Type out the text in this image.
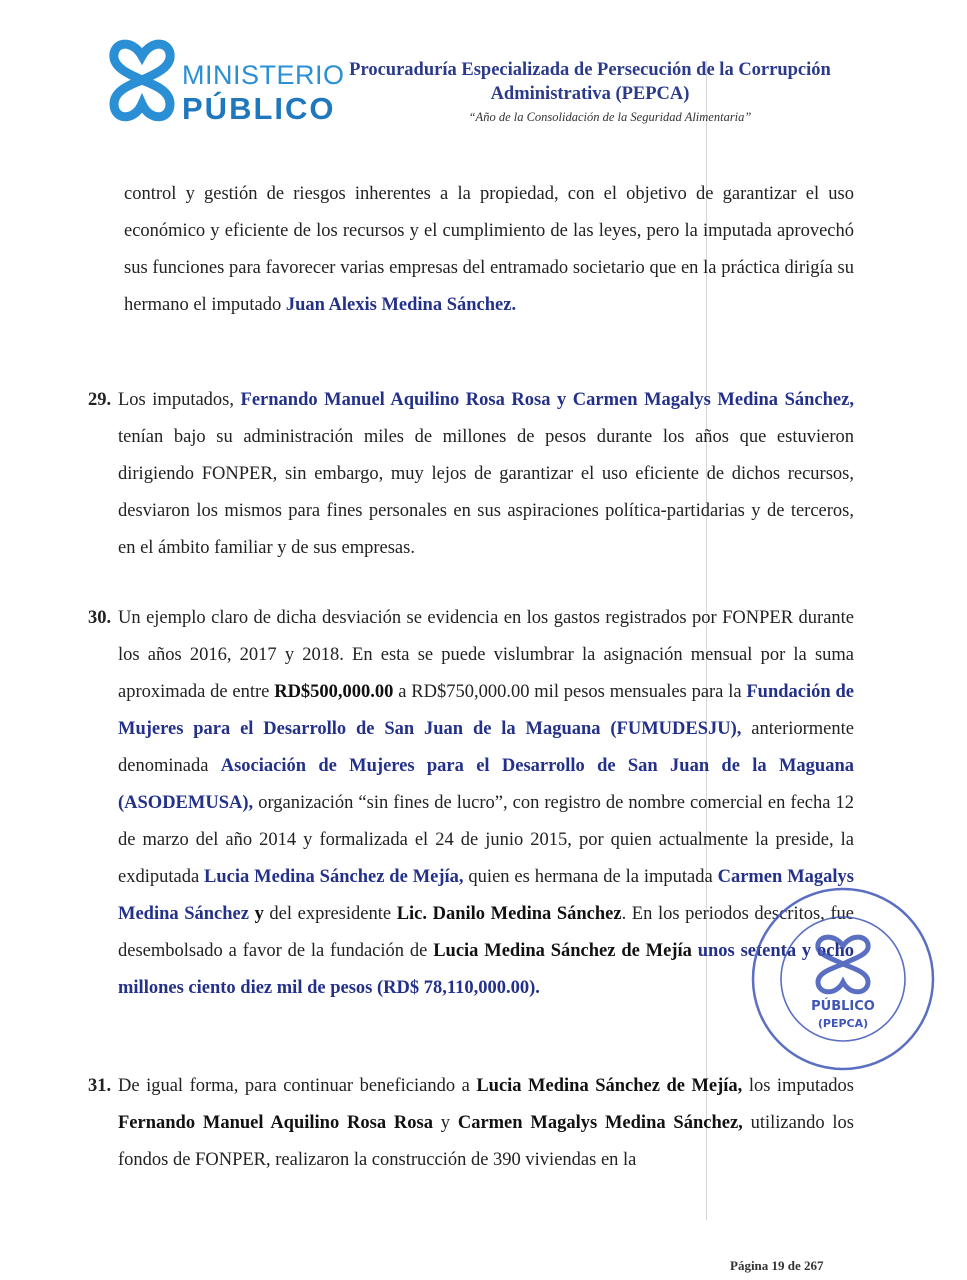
MINISTERIO
PÚBLICO
Procuraduría Especializada de Persecución de la Corrupción
Administrativa (PEPCA)
“Año de la Consolidación de la Seguridad Alimentaria”
control y gestión de riesgos inherentes a la propiedad, con el objetivo de garantizar el uso económico y eficiente de los recursos y el cumplimiento de las leyes, pero la imputada aprovechó sus funciones para favorecer varias empresas del entramado societario que en la práctica dirigía su hermano el imputado Juan Alexis Medina Sánchez.
29. Los imputados, Fernando Manuel Aquilino Rosa Rosa y Carmen Magalys Medina Sánchez, tenían bajo su administración miles de millones de pesos durante los años que estuvieron dirigiendo FONPER, sin embargo, muy lejos de garantizar el uso eficiente de dichos recursos, desviaron los mismos para fines personales en sus aspiraciones política-partidarias y de terceros, en el ámbito familiar y de sus empresas.
30. Un ejemplo claro de dicha desviación se evidencia en los gastos registrados por FONPER durante los años 2016, 2017 y 2018. En esta se puede vislumbrar la asignación mensual por la suma aproximada de entre RD$500,000.00 a RD$750,000.00 mil pesos mensuales para la Fundación de Mujeres para el Desarrollo de San Juan de la Maguana (FUMUDESJU), anteriormente denominada Asociación de Mujeres para el Desarrollo de San Juan de la Maguana (ASODEMUSA), organización “sin fines de lucro”, con registro de nombre comercial en fecha 12 de marzo del año 2014 y formalizada el 24 de junio 2015, por quien actualmente la preside, la exdiputada Lucia Medina Sánchez de Mejía, quien es hermana de la imputada Carmen Magalys Medina Sánchez y del expresidente Lic. Danilo Medina Sánchez. En los periodos descritos, fue desembolsado a favor de la fundación de Lucia Medina Sánchez de Mejía unos setenta y ocho millones ciento diez mil de pesos (RD$ 78,110,000.00).
31. De igual forma, para continuar beneficiando a Lucia Medina Sánchez de Mejía, los imputados Fernando Manuel Aquilino Rosa Rosa y Carmen Magalys Medina Sánchez, utilizando los fondos de FONPER, realizaron la construcción de 390 viviendas en la
PÚBLICO
(PEPCA)
Página 19 de 267
